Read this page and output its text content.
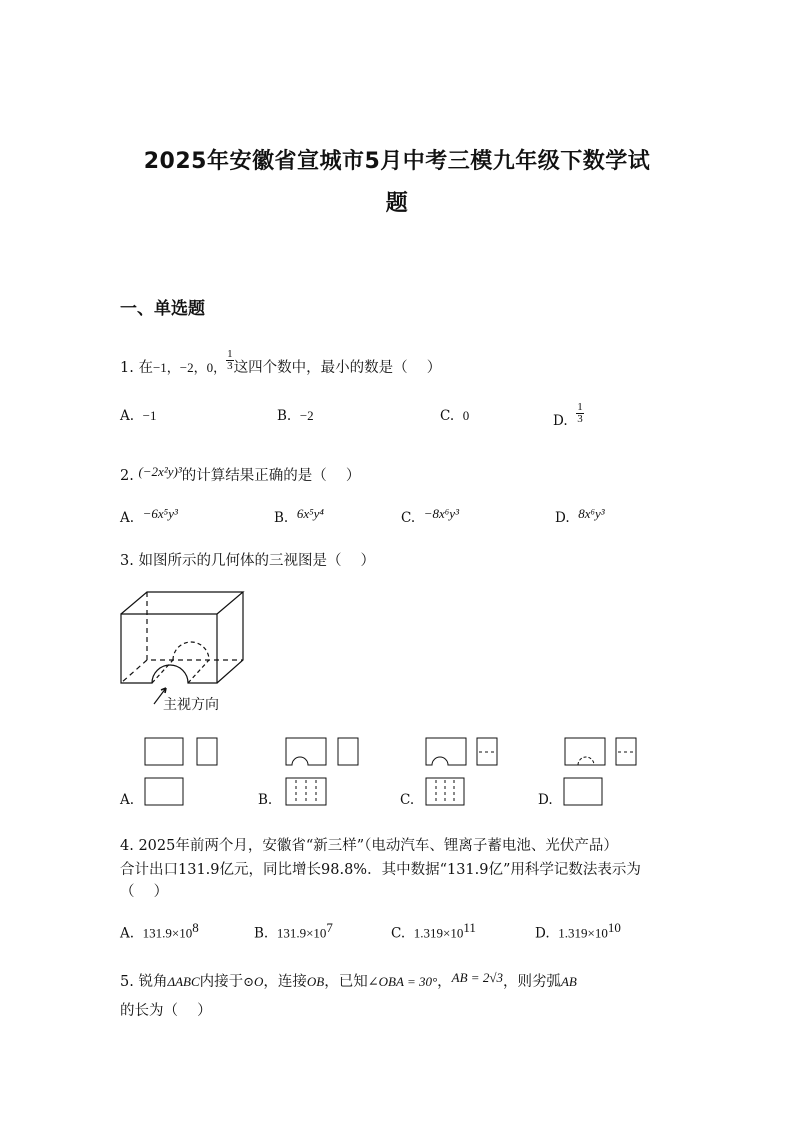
2025年安徽省宣城市5月中考三模九年级下数学试
题
一、单选题
1. 在−1，−2，0， $\frac{1}{3}$ 这四个数中，最小的数是（　 ）
A. −1	B. −2	C. 0	D. $\frac{1}{3}$
2. (−2x²y)³的计算结果正确的是（　 ）
A. −6x⁵y³	B. 6x⁵y⁴	C. −8x⁶y³	D. 8x⁶y³
3. 如图所示的几何体的三视图是（　 ）
主视方向
A.	B.	C.	D.
4. 2025年前两个月，安徽省“新三样”（电动汽车、锂离子蓄电池、光伏产品）
合计出口131.9亿元，同比增长98.8%．其中数据“131.9亿”用科学记数法表示为
（　 ）
A. $131.9\times 10^8$	B. $131.9\times 10^7$	C. $1.319\times 10^{11}$	D. $1.319\times 10^{10}$
5. 锐角ΔABC内接于⊙O，连接OB，已知∠OBA = 30°，AB = 2√3，则劣弧AB
的长为（　 ）
